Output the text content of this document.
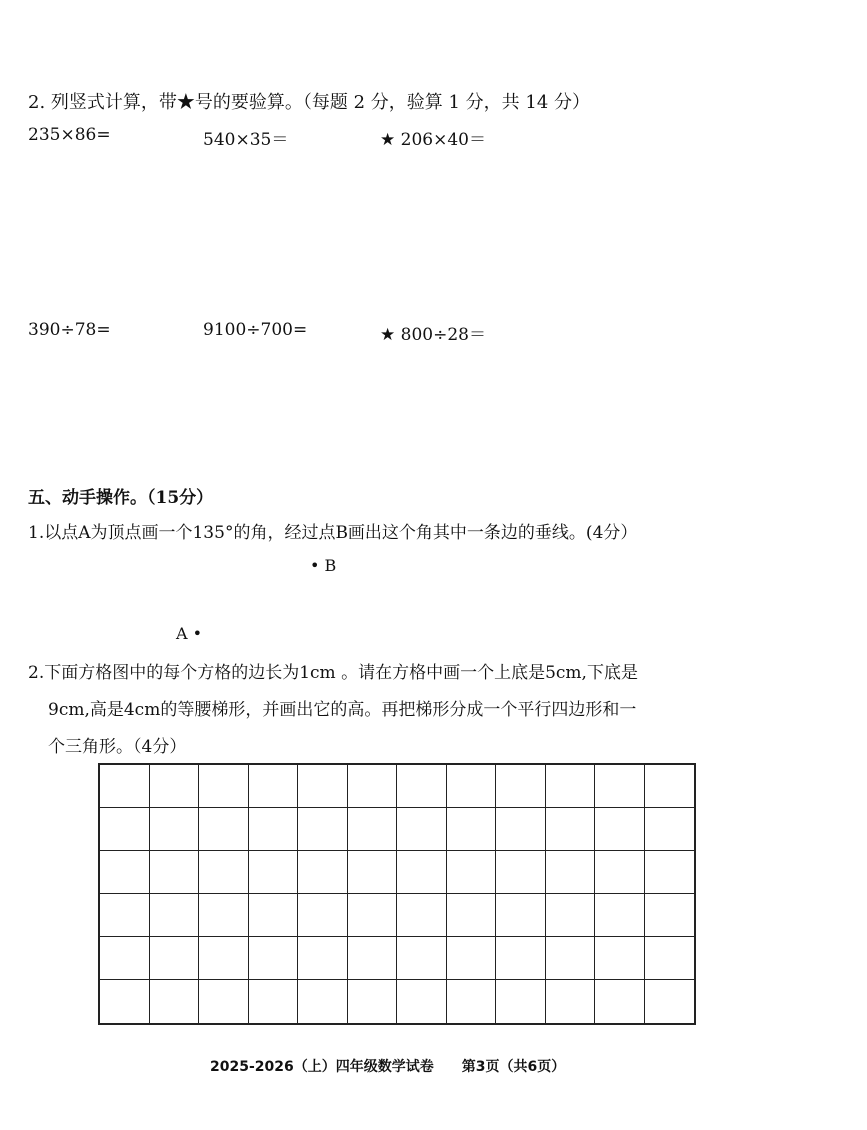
2. 列竖式计算，带★号的要验算。（每题 2 分，验算 1 分，共 14 分）
235×86=	540×35＝	★ 206×40＝
390÷78=	9100÷700=	★ 800÷28＝
五、动手操作。（15分）
1.以点A为顶点画一个135°的角，经过点B画出这个角其中一条边的垂线。(4分）
• B
A •
2.下面方格图中的每个方格的边长为1cm 。请在方格中画一个上底是5cm,下底是
9cm,高是4cm的等腰梯形，并画出它的高。再把梯形分成一个平行四边形和一
个三角形。（4分）
2025-2026（上）四年级数学试卷　　第3页（共6页）
